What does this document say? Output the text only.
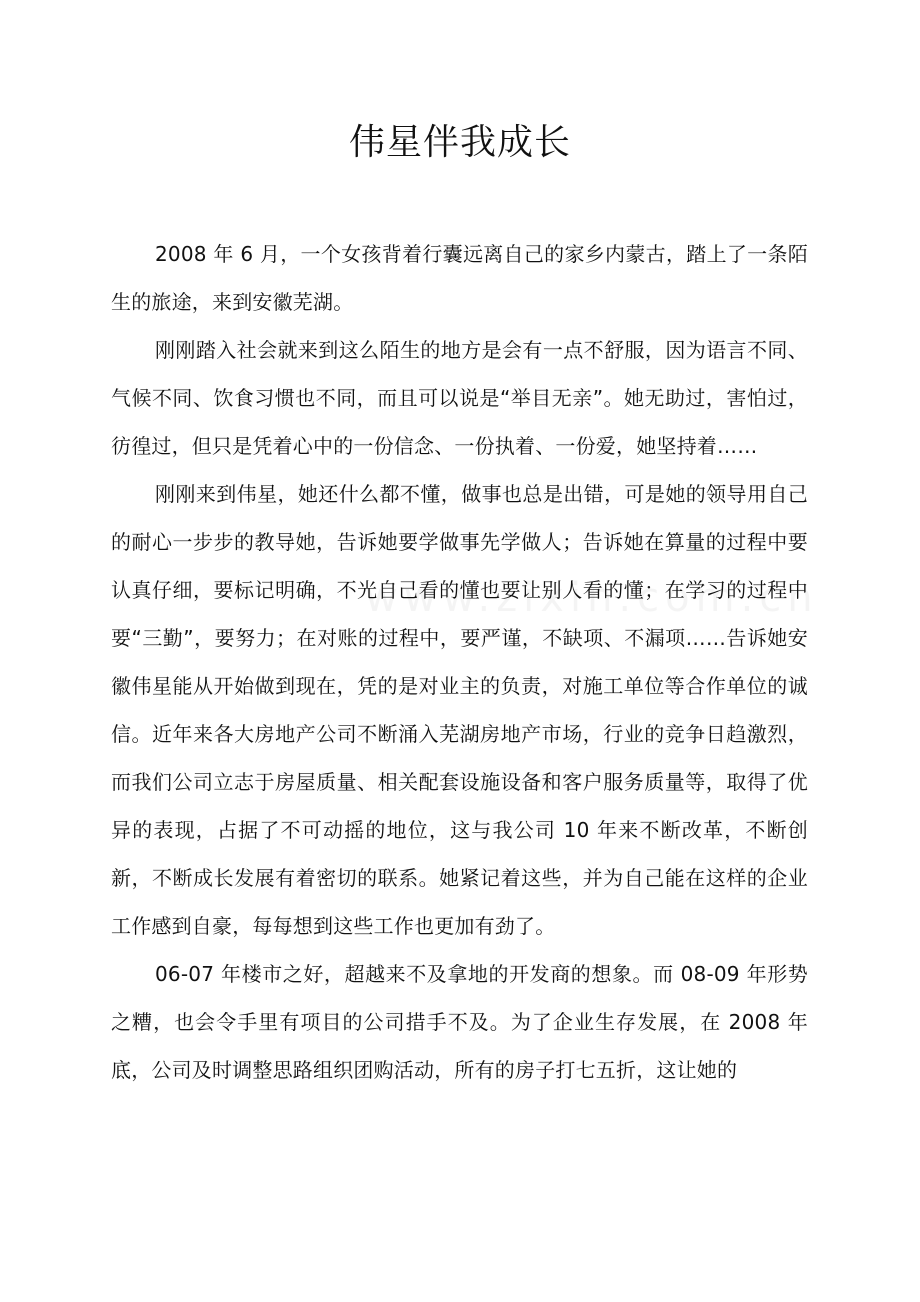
伟星伴我成长

2008 年 6 月，一个女孩背着行囊远离自己的家乡内蒙古，踏上了一条陌生的旅途，来到安徽芜湖。

刚刚踏入社会就来到这么陌生的地方是会有一点不舒服，因为语言不同、气候不同、饮食习惯也不同，而且可以说是“举目无亲”。她无助过，害怕过，彷徨过，但只是凭着心中的一份信念、一份执着、一份爱，她坚持着……

刚刚来到伟星，她还什么都不懂，做事也总是出错，可是她的领导用自己的耐心一步步的教导她，告诉她要学做事先学做人；告诉她在算量的过程中要认真仔细，要标记明确，不光自己看的懂也要让别人看的懂；在学习的过程中要“三勤”，要努力；在对账的过程中，要严谨，不缺项、不漏项……告诉她安徽伟星能从开始做到现在，凭的是对业主的负责，对施工单位等合作单位的诚信。近年来各大房地产公司不断涌入芜湖房地产市场，行业的竞争日趋激烈，而我们公司立志于房屋质量、相关配套设施设备和客户服务质量等，取得了优异的表现，占据了不可动摇的地位，这与我公司 10 年来不断改革，不断创新，不断成长发展有着密切的联系。她紧记着这些，并为自己能在这样的企业工作感到自豪，每每想到这些工作也更加有劲了。

06-07 年楼市之好，超越来不及拿地的开发商的想象。而 08-09 年形势之糟，也会令手里有项目的公司措手不及。为了企业生存发展，在 2008 年底，公司及时调整思路组织团购活动，所有的房子打七五折，这让她的
